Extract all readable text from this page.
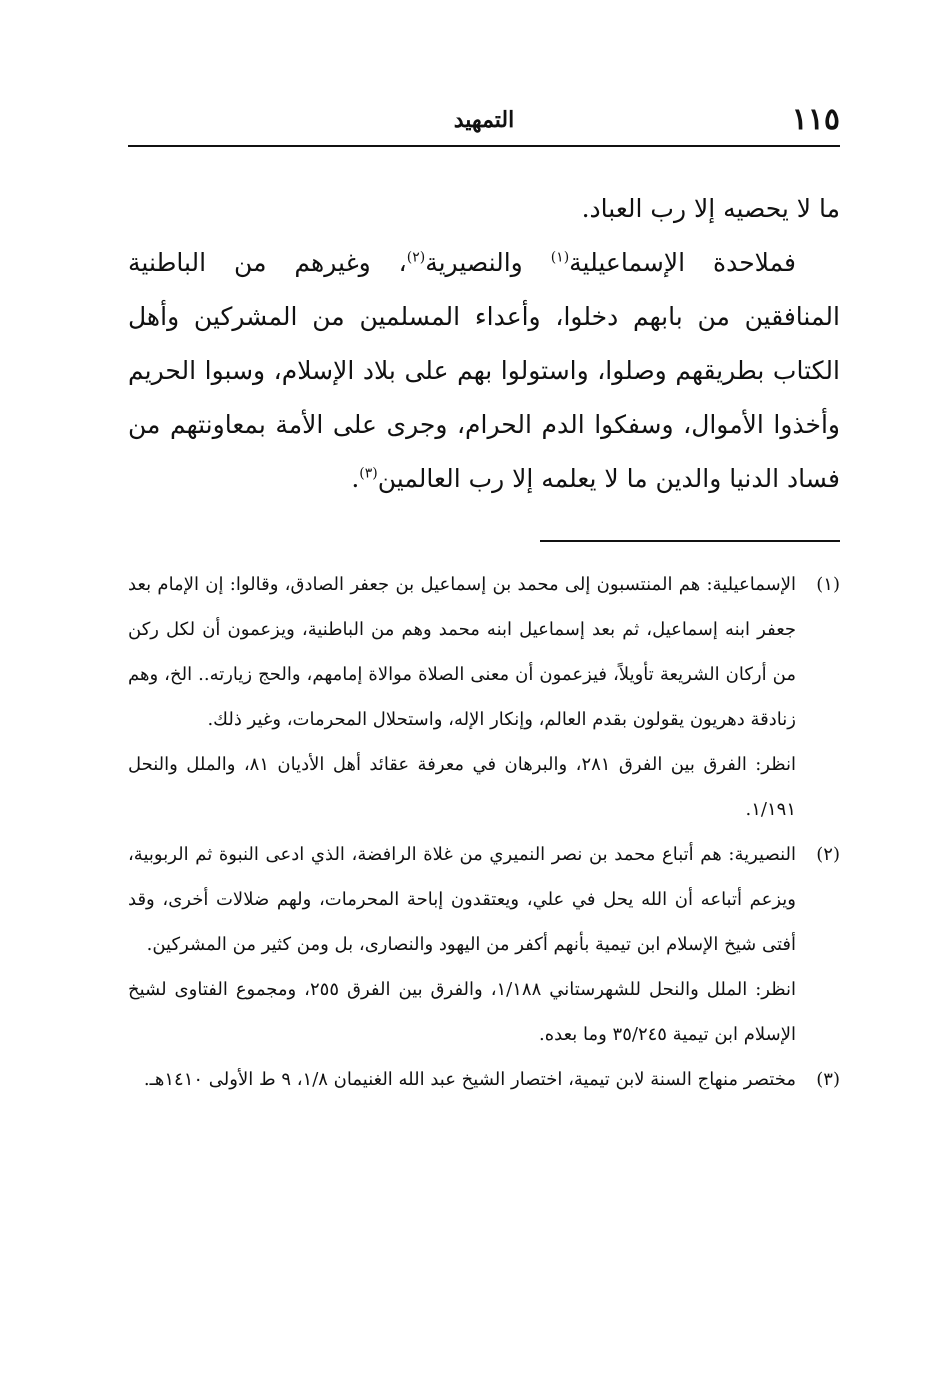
١١٥
التمهيد

ما لا يحصيه إلا رب العباد.

فملاحدة الإسماعيلية$^{(١)}$ والنصيرية$^{(٢)}$، وغيرهم من الباطنية المنافقين من بابهم دخلوا، وأعداء المسلمين من المشركين وأهل الكتاب بطريقهم وصلوا، واستولوا بهم على بلاد الإسلام، وسبوا الحريم وأخذوا الأموال، وسفكوا الدم الحرام، وجرى على الأمة بمعاونتهم من فساد الدنيا والدين ما لا يعلمه إلا رب العالمين$^{(٣)}$.

(١)

الإسماعيلية: هم المنتسبون إلى محمد بن إسماعيل بن جعفر الصادق، وقالوا: إن الإمام بعد جعفر ابنه إسماعيل، ثم بعد إسماعيل ابنه محمد وهم من الباطنية، ويزعمون أن لكل ركن من أركان الشريعة تأويلاً، فيزعمون أن معنى الصلاة موالاة إمامهم، والحج زيارته.. الخ، وهم زنادقة دهريون يقولون بقدم العالم، وإنكار الإله، واستحلال المحرمات، وغير ذلك.

انظر: الفرق بين الفرق ٢٨١، والبرهان في معرفة عقائد أهل الأديان ٨١، والملل والنحل ١/١٩١.

(٢)

النصيرية: هم أتباع محمد بن نصر النميري من غلاة الرافضة، الذي ادعى النبوة ثم الربوبية، ويزعم أتباعه أن الله يحل في علي، ويعتقدون إباحة المحرمات، ولهم ضلالات أخرى، وقد أفتى شيخ الإسلام ابن تيمية بأنهم أكفر من اليهود والنصارى، بل ومن كثير من المشركين.

انظر: الملل والنحل للشهرستاني ١/١٨٨، والفرق بين الفرق ٢٥٥، ومجموع الفتاوى لشيخ الإسلام ابن تيمية ٣٥/٢٤٥ وما بعده.

(٣)

مختصر منهاج السنة لابن تيمية، اختصار الشيخ عبد الله الغنيمان ١/٨، ٩ ط الأولى ١٤١٠هـ.
